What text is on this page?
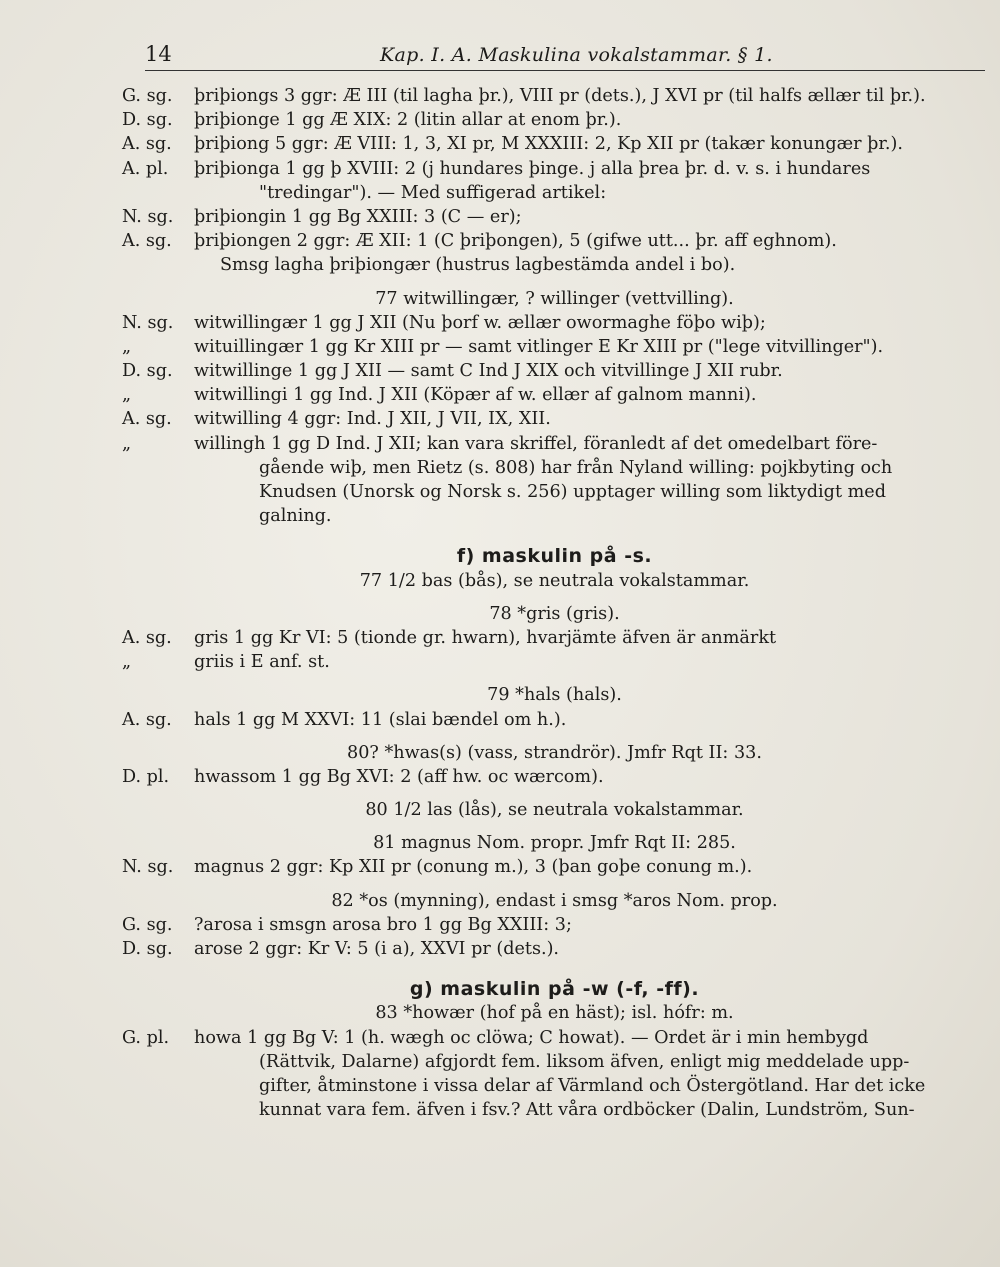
14	Kap. I. A. Maskulina vokalstammar. § 1.
G. sg.	þriþiongs 3 ggr: Æ III (til lagha þr.), VIII pr (dets.), J XVI pr (til halfs ællær til þr.).
D. sg.	þriþionge 1 gg Æ XIX: 2 (litin allar at enom þr.).
A. sg.	þriþiong 5 ggr: Æ VIII: 1, 3, XI pr, M XXXIII: 2, Kp XII pr (takær konungær þr.).
A. pl.	þriþionga 1 gg þ XVIII: 2 (j hundares þinge. j alla þrea þr. d. v. s. i hundares
"tredingar"). — Med suffigerad artikel:
N. sg.	þriþiongin 1 gg Bg XXIII: 3 (C — er);
A. sg.	þriþiongen 2 ggr: Æ XII: 1 (C þriþongen), 5 (gifwe utt... þr. aff eghnom).
Smsg lagha þriþiongær (hustrus lagbestämda andel i bo).
77 witwillingær, ? willinger (vettvilling).
N. sg.	witwillingær 1 gg J XII (Nu þorf w. ællær owormaghe föþo wiþ);
„	wituillingær 1 gg Kr XIII pr — samt vitlinger E Kr XIII pr ("lege vitvillinger").
D. sg.	witwillinge 1 gg J XII — samt C Ind J XIX och vitvillinge J XII rubr.
„	witwillingi 1 gg Ind. J XII (Köpær af w. ellær af galnom manni).
A. sg.	witwilling 4 ggr: Ind. J XII, J VII, IX, XII.
„	willingh 1 gg D Ind. J XII; kan vara skriffel, föranledt af det omedelbart före-
gående wiþ, men Rietz (s. 808) har från Nyland willing: pojkbyting och
Knudsen (Unorsk og Norsk s. 256) upptager willing som liktydigt med
galning.
f) maskulin på -s.
77 1/2 bas (bås), se neutrala vokalstammar.
78 *gris (gris).
A. sg.	gris 1 gg Kr VI: 5 (tionde gr. hwarn), hvarjämte äfven är anmärkt
„	griis i E anf. st.
79 *hals (hals).
A. sg.	hals 1 gg M XXVI: 11 (slai bændel om h.).
80? *hwas(s) (vass, strandrör). Jmfr Rqt II: 33.
D. pl.	hwassom 1 gg Bg XVI: 2 (aff hw. oc wærcom).
80 1/2 las (lås), se neutrala vokalstammar.
81 magnus Nom. propr. Jmfr Rqt II: 285.
N. sg.	magnus 2 ggr: Kp XII pr (conung m.), 3 (þan goþe conung m.).
82 *os (mynning), endast i smsg *aros Nom. prop.
G. sg.	?arosa i smsgn arosa bro 1 gg Bg XXIII: 3;
D. sg.	arose 2 ggr: Kr V: 5 (i a), XXVI pr (dets.).
g) maskulin på -w (-f, -ff).
83 *howær (hof på en häst); isl. hófr: m.
G. pl.	howa 1 gg Bg V: 1 (h. wægh oc clöwa; C howat). — Ordet är i min hembygd
(Rättvik, Dalarne) afgjordt fem. liksom äfven, enligt mig meddelade upp-
gifter, åtminstone i vissa delar af Värmland och Östergötland. Har det icke
kunnat vara fem. äfven i fsv.? Att våra ordböcker (Dalin, Lundström, Sun-
